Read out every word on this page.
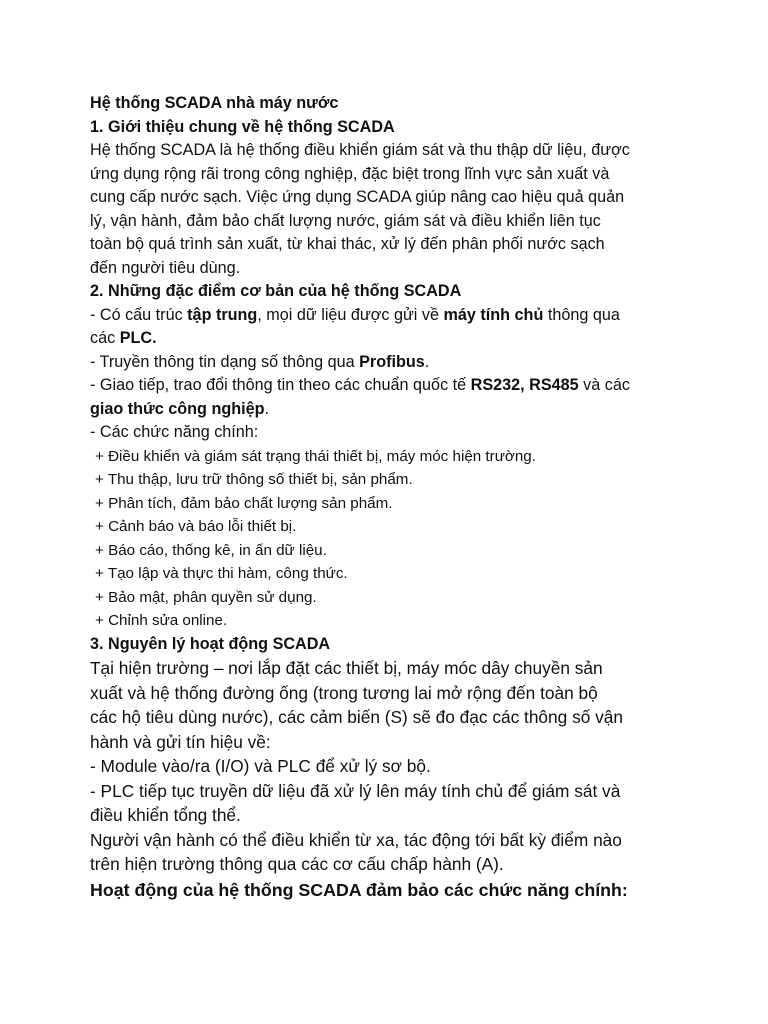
Hệ thống SCADA nhà máy nước
1. Giới thiệu chung về hệ thống SCADA
Hệ thống SCADA là hệ thống điều khiển giám sát và thu thập dữ liệu, được
ứng dụng rộng rãi trong công nghiệp, đặc biệt trong lĩnh vực sản xuất và
cung cấp nước sạch. Việc ứng dụng SCADA giúp nâng cao hiệu quả quản
lý, vận hành, đảm bảo chất lượng nước, giám sát và điều khiển liên tục
toàn bộ quá trình sản xuất, từ khai thác, xử lý đến phân phối nước sạch
đến người tiêu dùng.
2. Những đặc điểm cơ bản của hệ thống SCADA
- Có cấu trúc tập trung, mọi dữ liệu được gửi về máy tính chủ thông qua
các PLC.
- Truyền thông tin dạng số thông qua Profibus.
- Giao tiếp, trao đổi thông tin theo các chuẩn quốc tế RS232, RS485 và các
giao thức công nghiệp.
- Các chức năng chính:
+ Điều khiển và giám sát trạng thái thiết bị, máy móc hiện trường.
+ Thu thập, lưu trữ thông số thiết bị, sản phẩm.
+ Phân tích, đảm bảo chất lượng sản phẩm.
+ Cảnh báo và báo lỗi thiết bị.
+ Báo cáo, thống kê, in ấn dữ liệu.
+ Tạo lập và thực thi hàm, công thức.
+ Bảo mật, phân quyền sử dụng.
+ Chỉnh sửa online.
3. Nguyên lý hoạt động SCADA
Tại hiện trường – nơi lắp đặt các thiết bị, máy móc dây chuyền sản
xuất và hệ thống đường ống (trong tương lai mở rộng đến toàn bộ
các hộ tiêu dùng nước), các cảm biến (S) sẽ đo đạc các thông số vận
hành và gửi tín hiệu về:
- Module vào/ra (I/O) và PLC để xử lý sơ bộ.
- PLC tiếp tục truyền dữ liệu đã xử lý lên máy tính chủ để giám sát và
điều khiển tổng thể.
Người vận hành có thể điều khiển từ xa, tác động tới bất kỳ điểm nào
trên hiện trường thông qua các cơ cấu chấp hành (A).
Hoạt động của hệ thống SCADA đảm bảo các chức năng chính:
